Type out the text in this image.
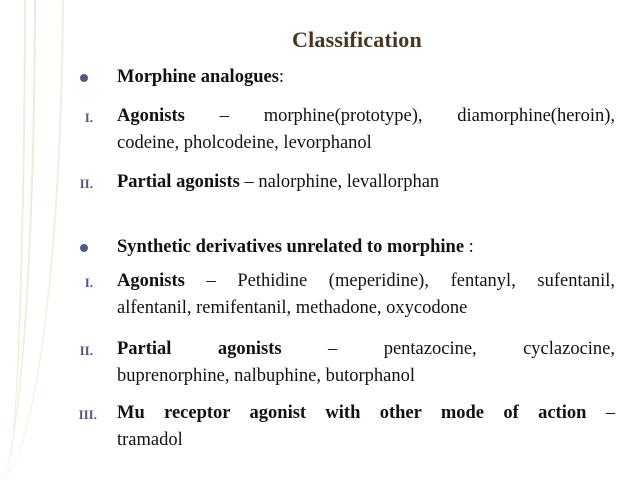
Classification
Morphine analogues:
I. Agonists – morphine(prototype), diamorphine(heroin),
codeine, pholcodeine, levorphanol
II. Partial agonists – nalorphine, levallorphan
Synthetic derivatives unrelated to morphine :
I. Agonists – Pethidine (meperidine), fentanyl, sufentanil,
alfentanil, remifentanil, methadone, oxycodone
II. Partial	agonists	– pentazocine, cyclazocine,
buprenorphine, nalbuphine, butorphanol
III. Mu receptor agonist with other mode of action –
tramadol
